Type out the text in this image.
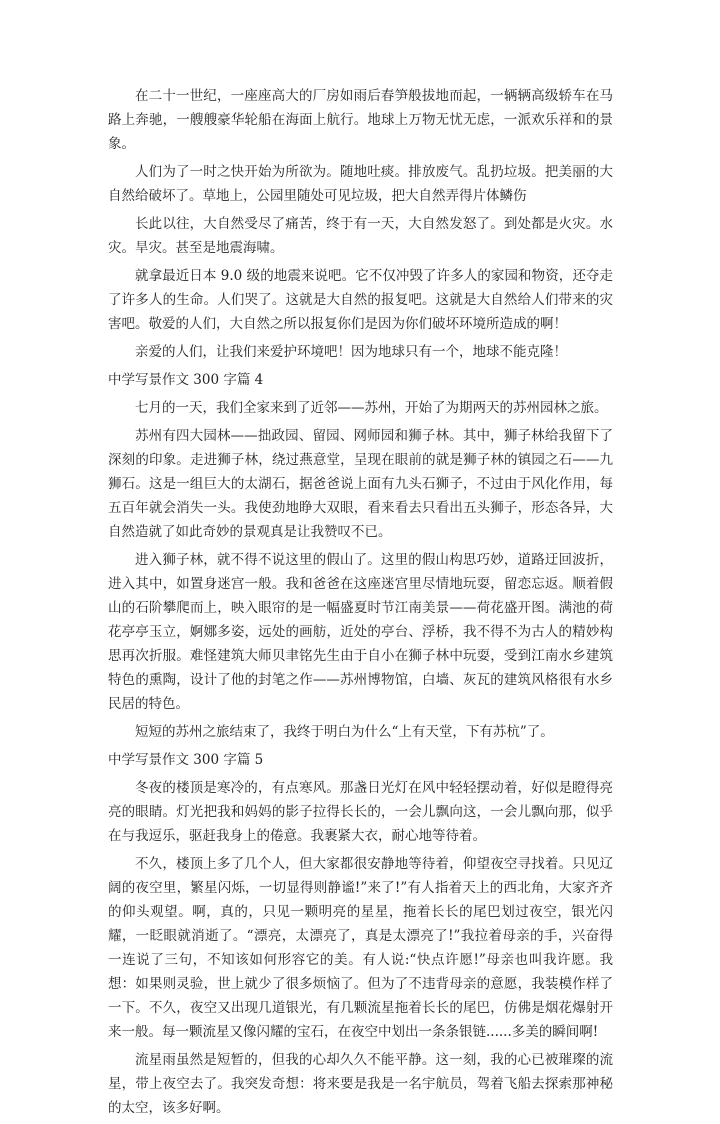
在二十一世纪，一座座高大的厂房如雨后春笋般拔地而起，一辆辆高级轿车在马路上奔驰，一艘艘豪华轮船在海面上航行。地球上万物无忧无虑，一派欢乐祥和的景象。

人们为了一时之快开始为所欲为。随地吐痰。排放废气。乱扔垃圾。把美丽的大自然给破坏了。草地上，公园里随处可见垃圾，把大自然弄得片体鳞伤

长此以往，大自然受尽了痛苦，终于有一天，大自然发怒了。到处都是火灾。水灾。旱灾。甚至是地震海啸。

就拿最近日本 9.0 级的地震来说吧。它不仅冲毁了许多人的家园和物资，还夺走了许多人的生命。人们哭了。这就是大自然的报复吧。这就是大自然给人们带来的灾害吧。敬爱的人们，大自然之所以报复你们是因为你们破坏环境所造成的啊！

亲爱的人们，让我们来爱护环境吧！因为地球只有一个，地球不能克隆！

中学写景作文 300 字篇 4

七月的一天，我们全家来到了近邻——苏州，开始了为期两天的苏州园林之旅。

苏州有四大园林——拙政园、留园、网师园和狮子林。其中，狮子林给我留下了深刻的印象。走进狮子林，绕过燕意堂，呈现在眼前的就是狮子林的镇园之石——九狮石。这是一组巨大的太湖石，据爸爸说上面有九头石狮子，不过由于风化作用，每五百年就会消失一头。我使劲地睁大双眼，看来看去只看出五头狮子，形态各异，大自然造就了如此奇妙的景观真是让我赞叹不已。

进入狮子林，就不得不说这里的假山了。这里的假山构思巧妙，道路迂回波折，进入其中，如置身迷宫一般。我和爸爸在这座迷宫里尽情地玩耍，留恋忘返。顺着假山的石阶攀爬而上，映入眼帘的是一幅盛夏时节江南美景——荷花盛开图。满池的荷花亭亭玉立，婀娜多姿，远处的画舫，近处的亭台、浮桥，我不得不为古人的精妙构思再次折服。难怪建筑大师贝聿铭先生由于自小在狮子林中玩耍，受到江南水乡建筑特色的熏陶，设计了他的封笔之作——苏州博物馆，白墙、灰瓦的建筑风格很有水乡民居的特色。

短短的苏州之旅结束了，我终于明白为什么“上有天堂，下有苏杭”了。

中学写景作文 300 字篇 5

冬夜的楼顶是寒冷的，有点寒风。那盏日光灯在风中轻轻摆动着，好似是瞪得亮亮的眼睛。灯光把我和妈妈的影子拉得长长的，一会儿飘向这，一会儿飘向那，似乎在与我逗乐，驱赶我身上的倦意。我裹紧大衣，耐心地等待着。

不久，楼顶上多了几个人，但大家都很安静地等待着，仰望夜空寻找着。只见辽阔的夜空里，繁星闪烁，一切显得则静谧!”来了!”有人指着天上的西北角，大家齐齐的仰头观望。啊，真的，只见一颗明亮的星星，拖着长长的尾巴划过夜空，银光闪耀，一眨眼就消逝了。“漂亮，太漂亮了，真是太漂亮了!”我拉着母亲的手，兴奋得一连说了三句，不知该如何形容它的美。有人说:“快点许愿!”母亲也叫我许愿。我想：如果则灵验，世上就少了很多烦恼了。但为了不违背母亲的意愿，我装模作样了一下。不久，夜空又出现几道银光，有几颗流星拖着长长的尾巴，仿佛是烟花爆射开来一般。每一颗流星又像闪耀的宝石，在夜空中划出一条条银链......多美的瞬间啊!

流星雨虽然是短暂的，但我的心却久久不能平静。这一刻，我的心已被璀璨的流星，带上夜空去了。我突发奇想：将来要是我是一名宇航员，驾着飞船去探索那神秘的太空，该多好啊。
